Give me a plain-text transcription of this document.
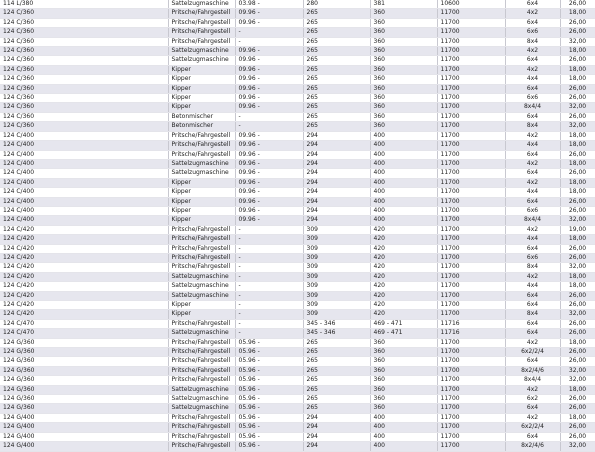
114 L/380	Sattelzugmaschine	03.98 -	280	381	10600	6x4	26,00
124 C/360	Pritsche/Fahrgestell	09.96 -	265	360	11700	4x2	18,00
124 C/360	Pritsche/Fahrgestell	09.96 -	265	360	11700	6x4	26,00
124 C/360	Pritsche/Fahrgestell	-	265	360	11700	6x6	26,00
124 C/360	Pritsche/Fahrgestell	-	265	360	11700	8x4	32,00
124 C/360	Sattelzugmaschine	09.96 -	265	360	11700	4x2	18,00
124 C/360	Sattelzugmaschine	09.96 -	265	360	11700	6x4	26,00
124 C/360	Kipper	09.96 -	265	360	11700	4x2	18,00
124 C/360	Kipper	09.96 -	265	360	11700	4x4	18,00
124 C/360	Kipper	09.96 -	265	360	11700	6x4	26,00
124 C/360	Kipper	09.96 -	265	360	11700	6x6	26,00
124 C/360	Kipper	09.96 -	265	360	11700	8x4/4	32,00
124 C/360	Betonmischer	-	265	360	11700	6x4	26,00
124 C/360	Betonmischer	-	265	360	11700	8x4	32,00
124 C/400	Pritsche/Fahrgestell	09.96 -	294	400	11700	4x2	18,00
124 C/400	Pritsche/Fahrgestell	09.96 -	294	400	11700	4x4	18,00
124 C/400	Pritsche/Fahrgestell	09.96 -	294	400	11700	6x4	26,00
124 C/400	Sattelzugmaschine	09.96 -	294	400	11700	4x2	18,00
124 C/400	Sattelzugmaschine	09.96 -	294	400	11700	6x4	26,00
124 C/400	Kipper	09.96 -	294	400	11700	4x2	18,00
124 C/400	Kipper	09.96 -	294	400	11700	4x4	18,00
124 C/400	Kipper	09.96 -	294	400	11700	6x4	26,00
124 C/400	Kipper	09.96 -	294	400	11700	6x6	26,00
124 C/400	Kipper	09.96 -	294	400	11700	8x4/4	32,00
124 C/420	Pritsche/Fahrgestell	-	309	420	11700	4x2	19,00
124 C/420	Pritsche/Fahrgestell	-	309	420	11700	4x4	18,00
124 C/420	Pritsche/Fahrgestell	-	309	420	11700	6x4	26,00
124 C/420	Pritsche/Fahrgestell	-	309	420	11700	6x6	26,00
124 C/420	Pritsche/Fahrgestell	-	309	420	11700	8x4	32,00
124 C/420	Sattelzugmaschine	-	309	420	11700	4x2	18,00
124 C/420	Sattelzugmaschine	-	309	420	11700	4x4	18,00
124 C/420	Sattelzugmaschine	-	309	420	11700	6x4	26,00
124 C/420	Kipper	-	309	420	11700	6x4	26,00
124 C/420	Kipper	-	309	420	11700	8x4	32,00
124 C/470	Pritsche/Fahrgestell	-	345 - 346	469 - 471	11716	6x4	26,00
124 C/470	Sattelzugmaschine	-	345 - 346	469 - 471	11716	6x4	26,00
124 G/360	Pritsche/Fahrgestell	05.96 -	265	360	11700	4x2	18,00
124 G/360	Pritsche/Fahrgestell	05.96 -	265	360	11700	6x2/2/4	26,00
124 G/360	Pritsche/Fahrgestell	05.96 -	265	360	11700	6x4	26,00
124 G/360	Pritsche/Fahrgestell	05.96 -	265	360	11700	8x2/4/6	32,00
124 G/360	Pritsche/Fahrgestell	05.96 -	265	360	11700	8x4/4	32,00
124 G/360	Sattelzugmaschine	05.96 -	265	360	11700	4x2	18,00
124 G/360	Sattelzugmaschine	05.96 -	265	360	11700	6x2	26,00
124 G/360	Sattelzugmaschine	05.96 -	265	360	11700	6x4	26,00
124 G/400	Pritsche/Fahrgestell	05.96 -	294	400	11700	4x2	18,00
124 G/400	Pritsche/Fahrgestell	05.96 -	294	400	11700	6x2/2/4	26,00
124 G/400	Pritsche/Fahrgestell	05.96 -	294	400	11700	6x4	26,00
124 G/400	Pritsche/Fahrgestell	05.96 -	294	400	11700	8x2/4/6	32,00
